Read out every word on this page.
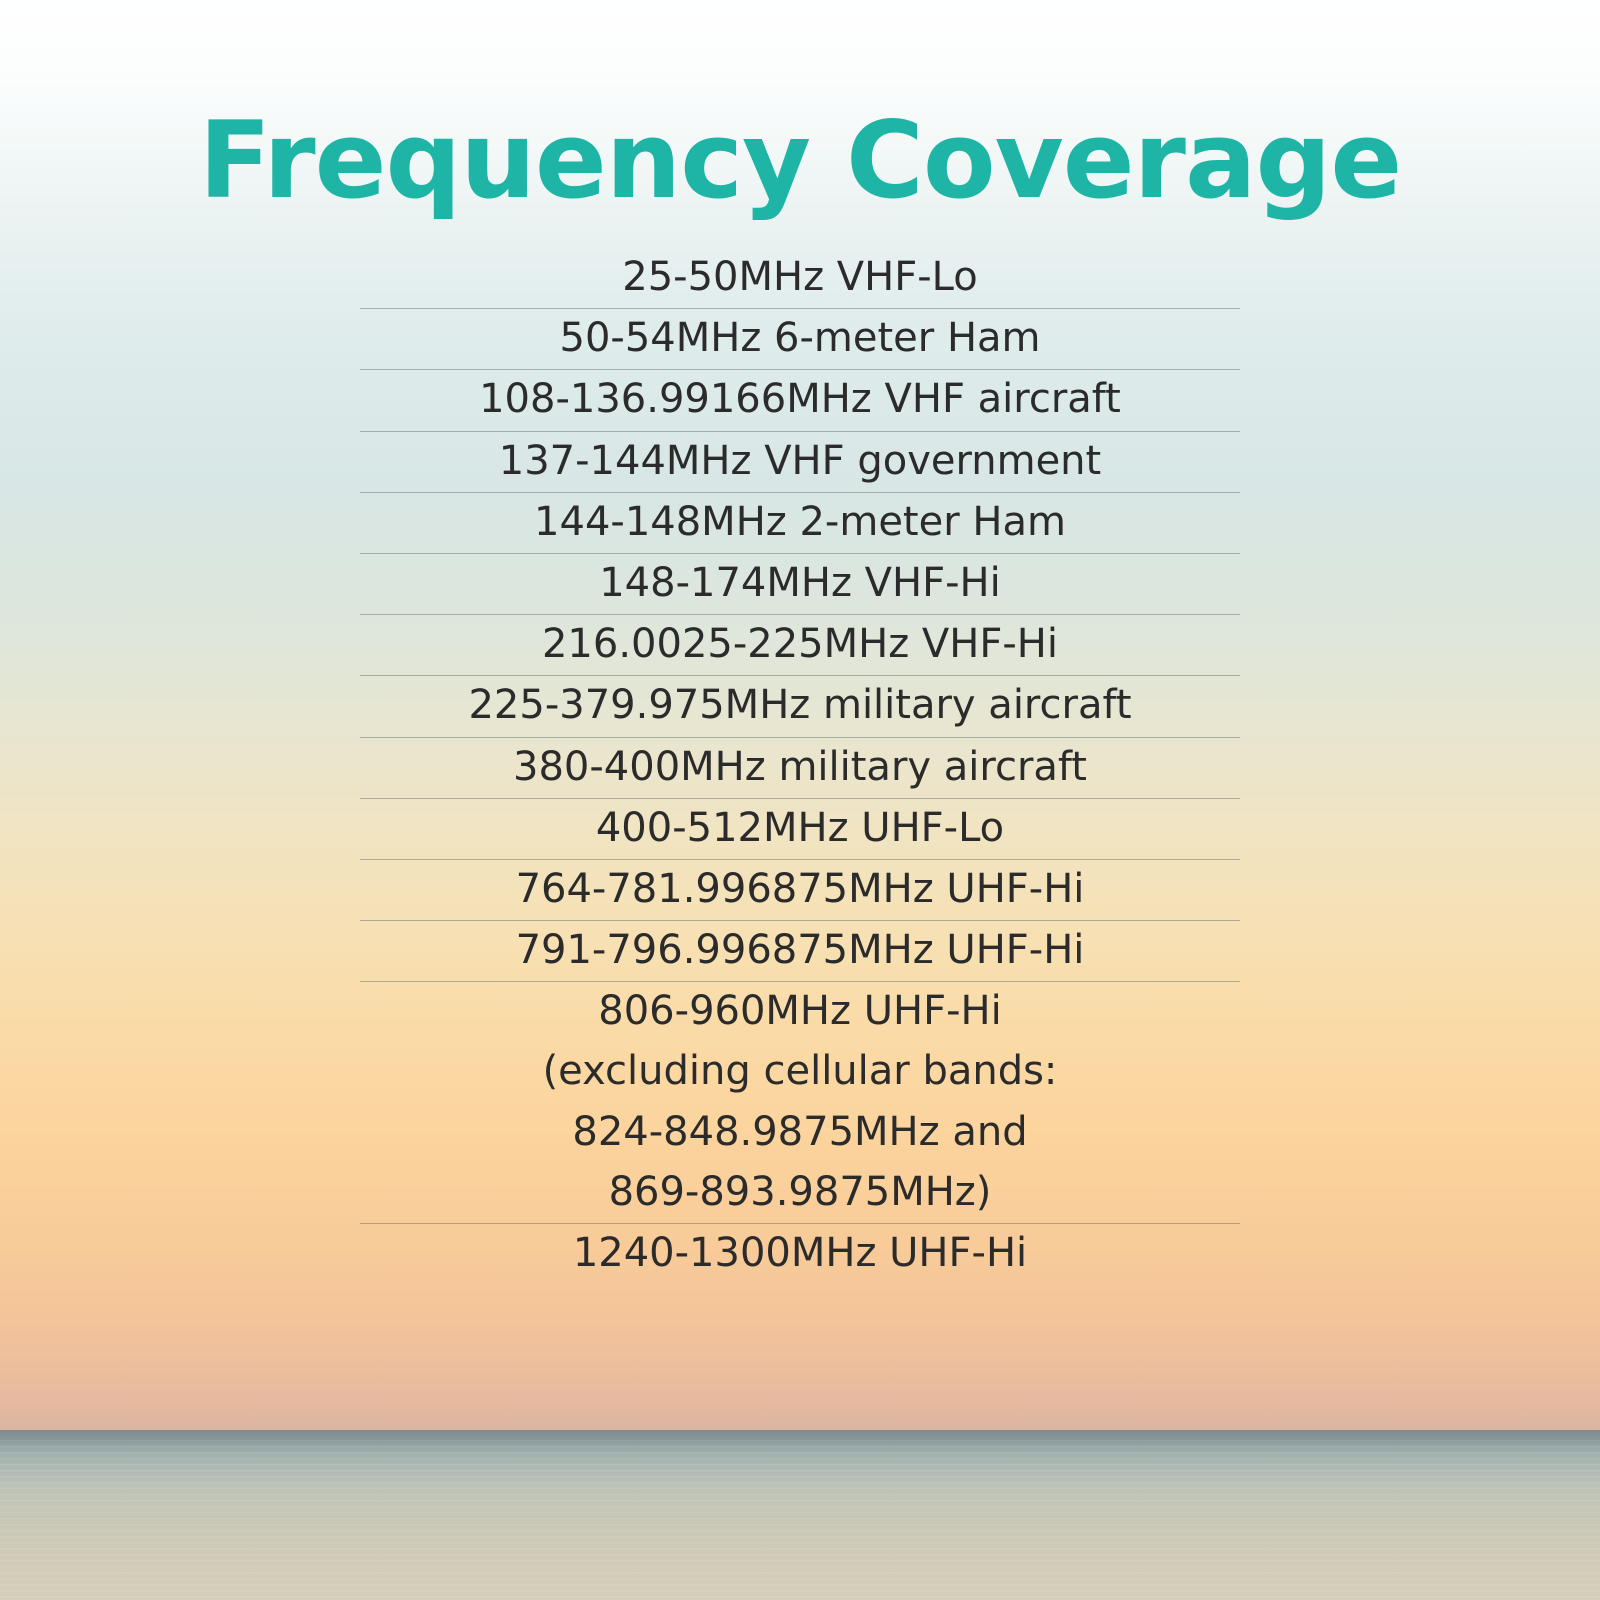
Frequency Coverage
25-50MHz VHF-Lo
50-54MHz 6-meter Ham
108-136.99166MHz VHF aircraft
137-144MHz VHF government
144-148MHz 2-meter Ham
148-174MHz VHF-Hi
216.0025-225MHz VHF-Hi
225-379.975MHz military aircraft
380-400MHz military aircraft
400-512MHz UHF-Lo
764-781.996875MHz UHF-Hi
791-796.996875MHz UHF-Hi
806-960MHz UHF-Hi
(excluding cellular bands:
824-848.9875MHz and
869-893.9875MHz)
1240-1300MHz UHF-Hi
